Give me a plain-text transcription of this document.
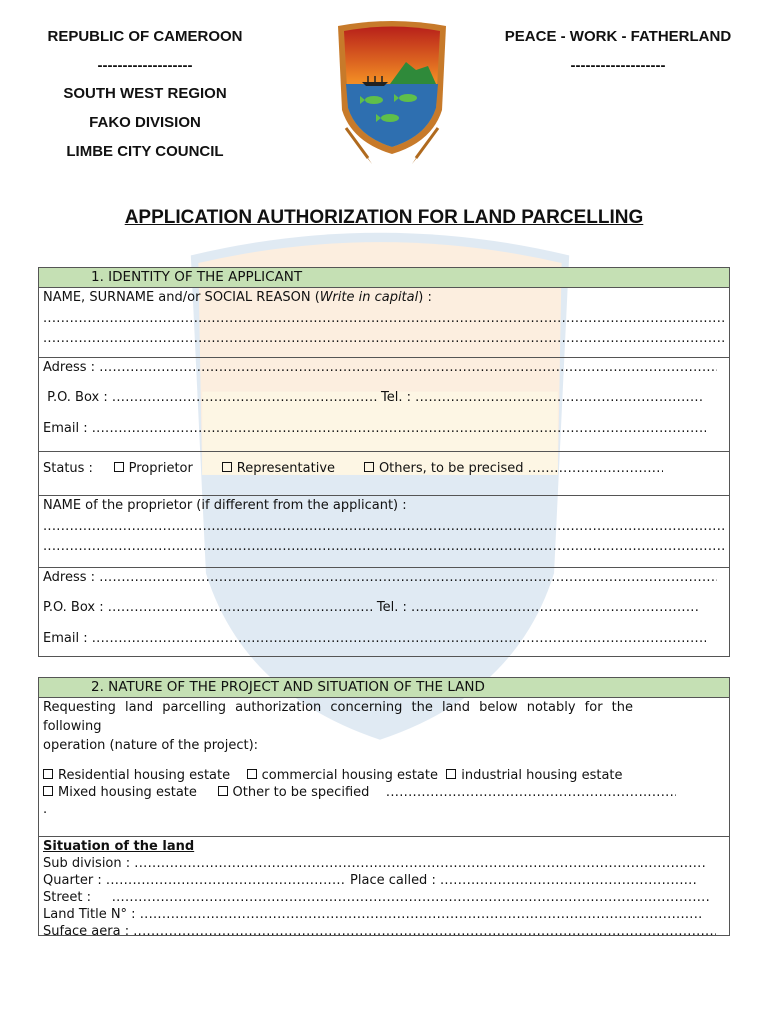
REPUBLIC OF CAMEROON
-------------------
SOUTH WEST REGION
FAKO DIVISION
LIMBE CITY COUNCIL
PEACE - WORK - FATHERLAND
-------------------
APPLICATION AUTHORIZATION FOR LAND PARCELLING
1. IDENTITY OF THE APPLICANT
NAME, SURNAME and/or SOCIAL REASON (Write in capital) :
.....
.....
Adress : .....
P.O. Box : .....	Tel. : .....
Email : .....
Status :	Proprietor	Representative	Others, to be precised .....
NAME of the proprietor (if different from the applicant) :
.....
.....
Adress : .....
P.O. Box : .....	Tel. : .....
Email : .....
2. NATURE OF THE PROJECT AND SITUATION OF THE LAND
Requesting land parcelling authorization concerning the land below notably for the
following
operation (nature of the project):
Residential housing estate commercial housing estate industrial housing estate
Mixed housing estate	Other to be specified    .....
.
Situation of the land
Sub division : .....
Quarter : .....	Place called : .....
Street :     .....
Land Title N° : .....
Suface aera : .....
